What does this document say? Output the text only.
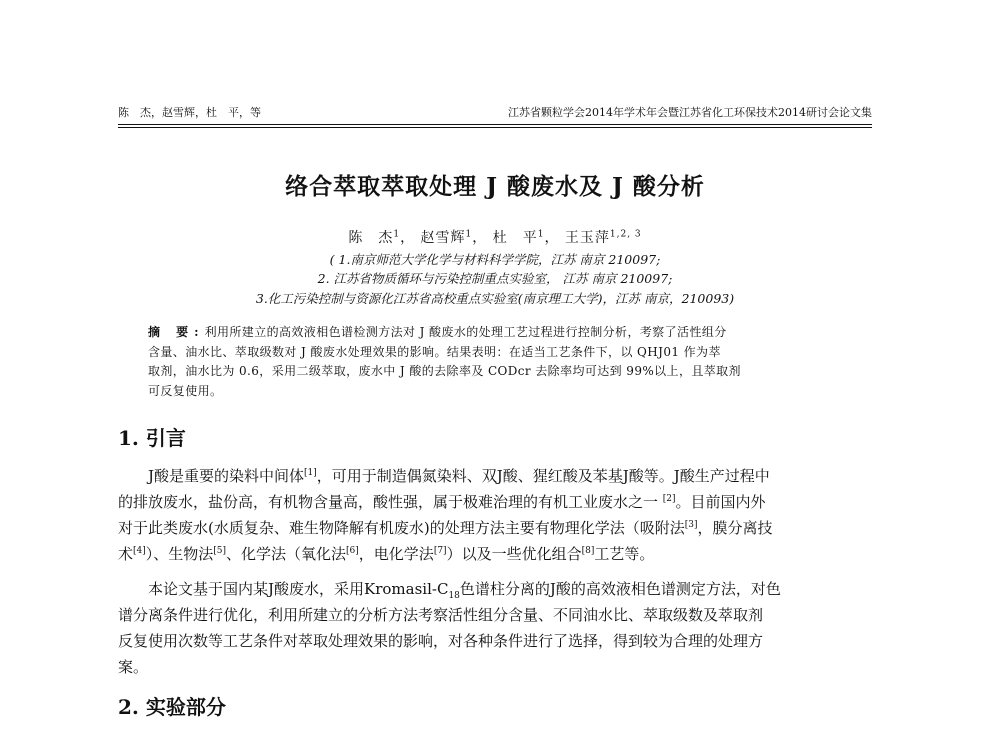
陈　杰，赵雪辉，杜　平，等	江苏省颗粒学会2014年学术年会暨江苏省化工环保技术2014研讨会论文集
络合萃取萃取处理 J 酸废水及 J 酸分析
陈　杰$^1$， 赵雪辉$^1$， 杜　平$^1$， 王玉萍$^{1,2, 3}$
( 1.南京师范大学化学与材料科学学院，江苏 南京 210097;
2. 江苏省物质循环与污染控制重点实验室， 江苏 南京 210097;
3.化工污染控制与资源化江苏省高校重点实验室(南京理工大学)，江苏 南京，210093)
摘 要:利用所建立的高效液相色谱检测方法对 J 酸废水的处理工艺过程进行控制分析，考察了活性组分
含量、油水比、萃取级数对 J 酸废水处理效果的影响。结果表明：在适当工艺条件下，以 QHJ01 作为萃
取剂，油水比为 0.6，采用二级萃取，废水中 J 酸的去除率及 CODcr 去除率均可达到 99%以上，且萃取剂
可反复使用。
1. 引言
J酸是重要的染料中间体[1]，可用于制造偶氮染料、双J酸、猩红酸及苯基J酸等。J酸生产过程中
的排放废水，盐份高，有机物含量高，酸性强，属于极难治理的有机工业废水之一 [2]。目前国内外
对于此类废水(水质复杂、难生物降解有机废水)的处理方法主要有物理化学法（吸附法[3]，膜分离技
术[4]）、生物法[5]、化学法（氧化法[6]，电化学法[7]）以及一些优化组合[8]工艺等。
本论文基于国内某J酸废水，采用Kromasil-$C_{18}$色谱柱分离的J酸的高效液相色谱测定方法，对色
谱分离条件进行优化，利用所建立的分析方法考察活性组分含量、不同油水比、萃取级数及萃取剂
反复使用次数等工艺条件对萃取处理效果的影响，对各种条件进行了选择，得到较为合理的处理方
案。
2. 实验部分
